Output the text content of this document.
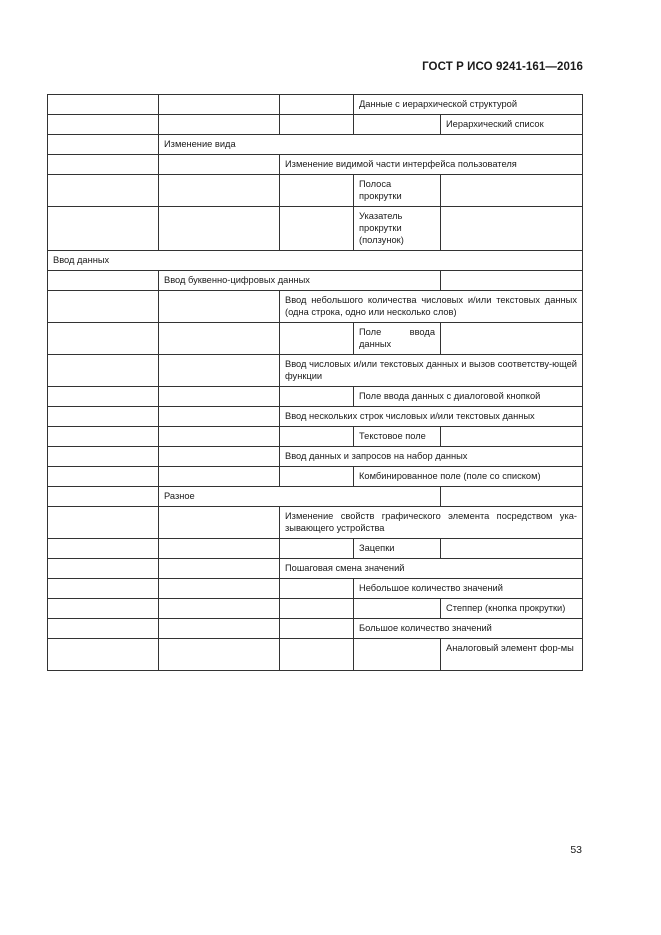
ГОСТ Р ИСО 9241-161—2016
			Данные с иерархической структурой	
				Иерархический список
	Изменение вида			
		Изменение видимой части интерфейса пользователя		
			Полоса прокрутки	
			Указатель прокрутки (ползунок)	
Ввод данных				
	Ввод буквенно-цифровых данных			
		Ввод небольшого количества числовых и/или текстовых данных (одна строка, одно или несколько слов)		

			Поле ввода данных	

		Ввод числовых и/или текстовых данных и вызов соответству-ющей функции		
			Поле ввода данных с диалоговой кнопкой	
		Ввод нескольких строк числовых и/или текстовых данных		
			Текстовое поле	
		Ввод данных и запросов на набор данных		
			Комбинированное поле (поле со списком)	
	Разное			
		Изменение свойств графического элемента посредством ука-зывающего устройства		
			Зацепки	
		Пошаговая смена значений		
			Небольшое количество значений	
				Степпер (кнопка прокрутки)
			Большое количество значений	
				Аналоговый элемент фор-мы
53
